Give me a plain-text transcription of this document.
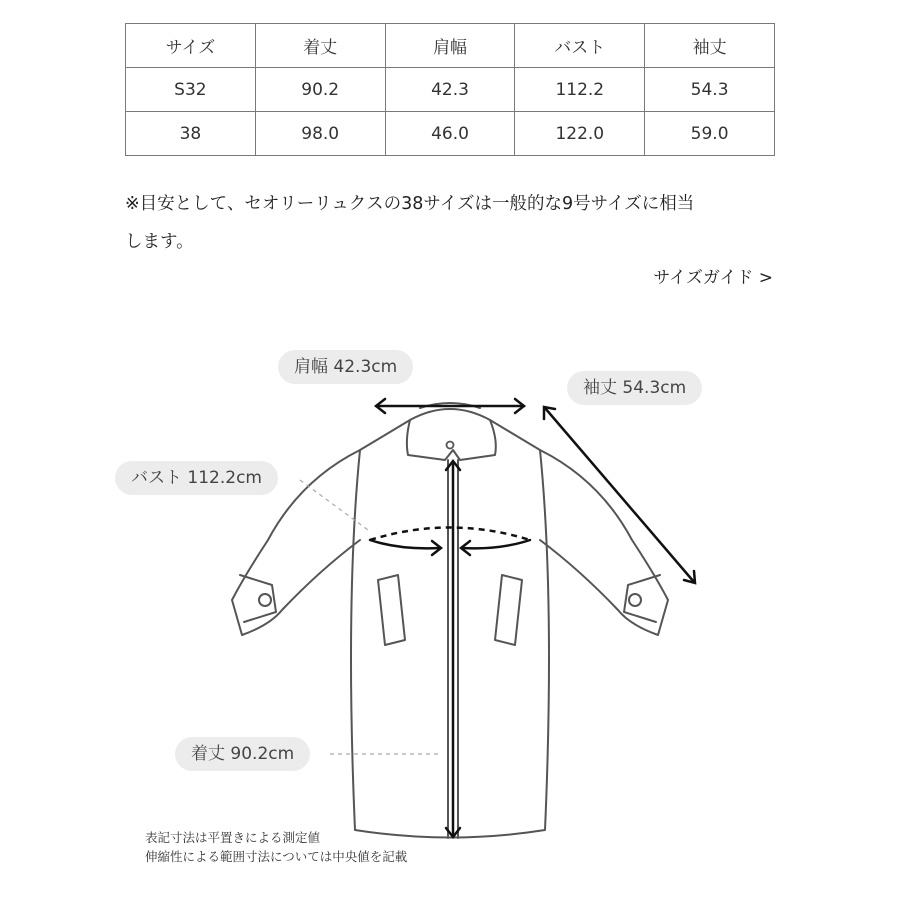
サイズ	着丈	肩幅	バスト	袖丈
S32	90.2	42.3	112.2	54.3
38	98.0	46.0	122.0	59.0
※目安として、セオリーリュクスの38サイズは一般的な9号サイズに相当
します。
サイズガイド >
肩幅 42.3cm
袖丈 54.3cm
バスト 112.2cm
着丈 90.2cm
表記寸法は平置きによる測定値
伸縮性による範囲寸法については中央値を記載
